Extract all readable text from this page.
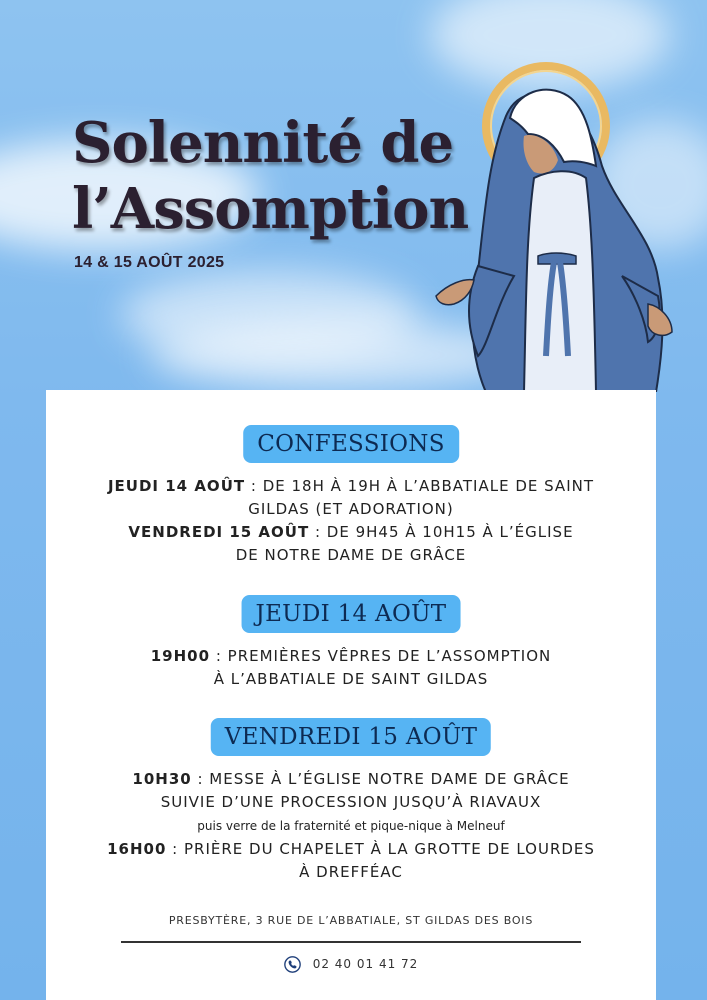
Solennité de
l’Assomption
14 & 15 AOÛT 2025
CONFESSIONS

JEUDI 14 AOÛT : DE 18H À 19H À L’ABBATIALE DE SAINT

GILDAS (ET ADORATION)

VENDREDI 15 AOÛT : DE 9H45 À 10H15 À L’ÉGLISE

DE NOTRE DAME DE GRÂCE

JEUDI 14 AOÛT

19H00 : PREMIÈRES VÊPRES DE L’ASSOMPTION

À L’ABBATIALE DE SAINT GILDAS

VENDREDI 15 AOÛT

10H30 : MESSE À L’ÉGLISE NOTRE DAME DE GRÂCE

SUIVIE D’UNE PROCESSION JUSQU’À RIAVAUX

puis verre de la fraternité et pique-nique à Melneuf

16H00 : PRIÈRE DU CHAPELET À LA GROTTE DE LOURDES

À DREFFÉAC

PRESBYTÈRE, 3 RUE DE L’ABBATIALE, ST GILDAS DES BOIS
02 40 01 41 72
